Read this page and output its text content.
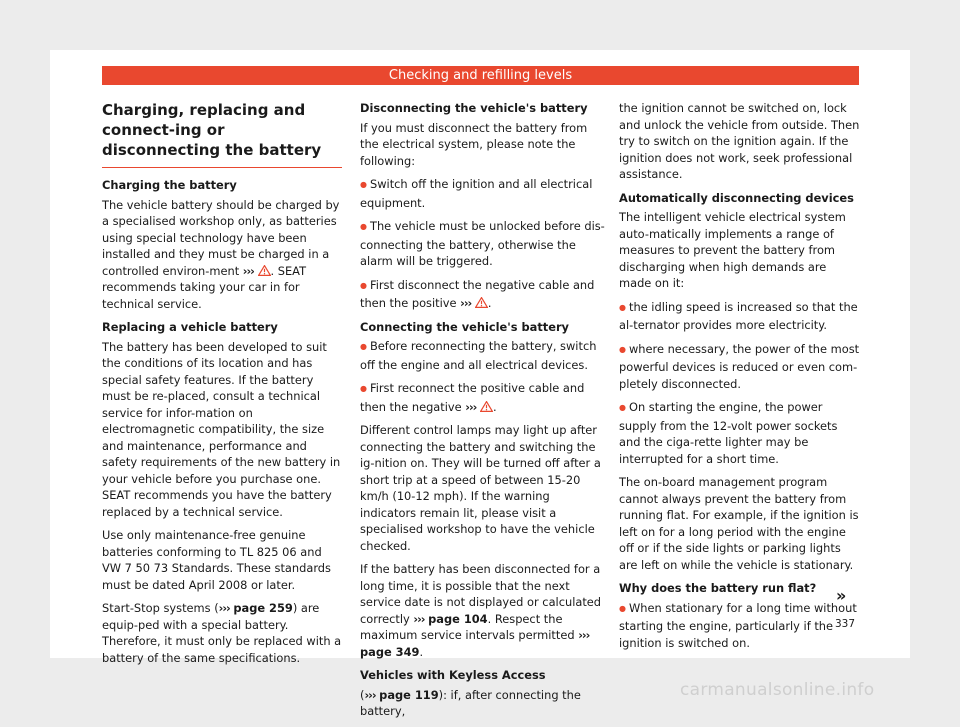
Checking and refilling levels
Charging, replacing and connect-ing or disconnecting the battery
Charging the battery

The vehicle battery should be charged by a specialised workshop only, as batteries using special technology have been installed and they must be charged in a controlled environ-ment ››› . SEAT recommends taking your car in for technical service.

Replacing a vehicle battery

The battery has been developed to suit the conditions of its location and has special safety features. If the battery must be re-placed, consult a technical service for infor-mation on electromagnetic compatibility, the size and maintenance, performance and safety requirements of the new battery in your vehicle before you purchase one. SEAT recommends you have the battery replaced by a technical service.

Use only maintenance-free genuine batteries conforming to TL 825 06 and VW 7 50 73 Standards. These standards must be dated April 2008 or later.

Start-Stop systems (››› page 259) are equip-ped with a special battery. Therefore, it must only be replaced with a battery of the same specifications.

Disconnecting the vehicle's battery

If you must disconnect the battery from the electrical system, please note the following:

● Switch off the ignition and all electrical equipment.

● The vehicle must be unlocked before dis-connecting the battery, otherwise the alarm will be triggered.

● First disconnect the negative cable and then the positive ››› .

Connecting the vehicle's battery

● Before reconnecting the battery, switch off the engine and all electrical devices.

● First reconnect the positive cable and then the negative ››› .

Different control lamps may light up after connecting the battery and switching the ig-nition on. They will be turned off after a short trip at a speed of between 15-20 km/h (10-12 mph). If the warning indicators remain lit, please visit a specialised workshop to have the vehicle checked.

If the battery has been disconnected for a long time, it is possible that the next service date is not displayed or calculated correctly ››› page 104. Respect the maximum service intervals permitted ››› page 349.

Vehicles with Keyless Access

(››› page 119): if, after connecting the battery,

the ignition cannot be switched on, lock and unlock the vehicle from outside. Then try to switch on the ignition again. If the ignition does not work, seek professional assistance.

Automatically disconnecting devices

The intelligent vehicle electrical system auto-matically implements a range of measures to prevent the battery from discharging when high demands are made on it:

● the idling speed is increased so that the al-ternator provides more electricity.

● where necessary, the power of the most powerful devices is reduced or even com-pletely disconnected.

● On starting the engine, the power supply from the 12-volt power sockets and the ciga-rette lighter may be interrupted for a short time.

The on-board management program cannot always prevent the battery from running flat. For example, if the ignition is left on for a long period with the engine off or if the side lights or parking lights are left on while the vehicle is stationary.

Why does the battery run flat?

● When stationary for a long time without starting the engine, particularly if the ignition is switched on.

»
337
carmanualsonline.info
